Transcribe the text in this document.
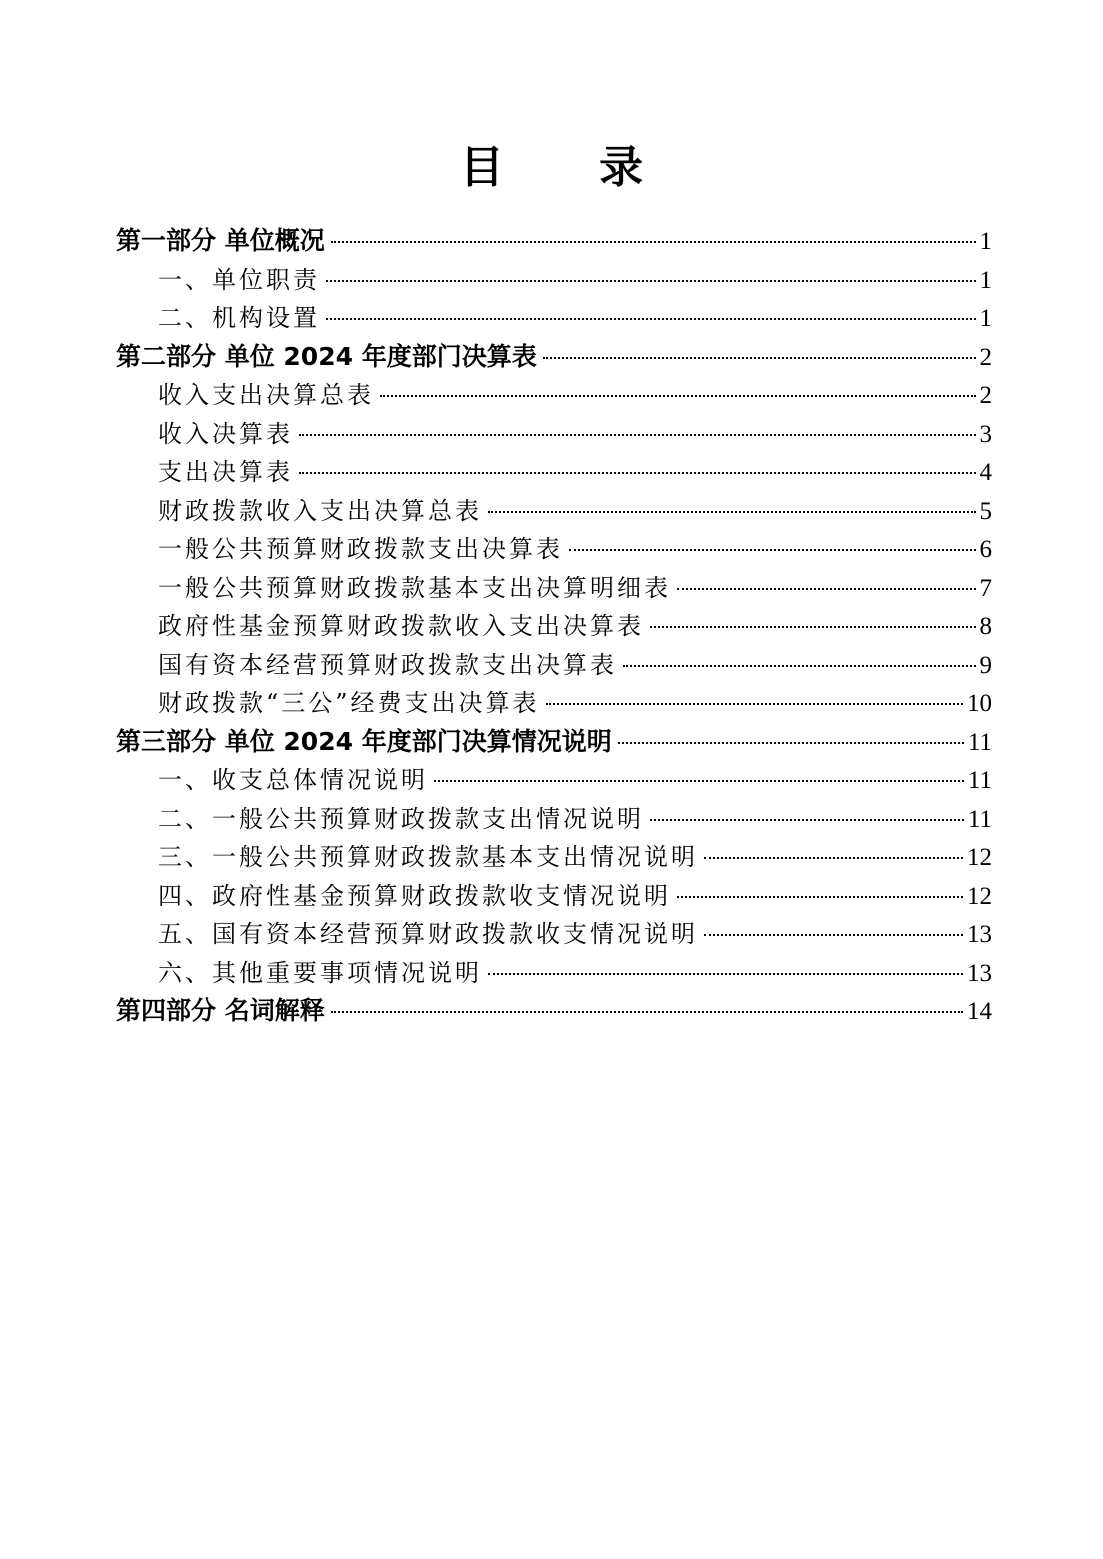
目 录
第一部分 单位概况	1
一、单位职责	1
二、机构设置	1
第二部分 单位 2024 年度部门决算表	2
收入支出决算总表	2
收入决算表	3
支出决算表	4
财政拨款收入支出决算总表	5
一般公共预算财政拨款支出决算表	6
一般公共预算财政拨款基本支出决算明细表	7
政府性基金预算财政拨款收入支出决算表	8
国有资本经营预算财政拨款支出决算表	9
财政拨款“三公”经费支出决算表	10
第三部分 单位 2024 年度部门决算情况说明	11
一、收支总体情况说明	11
二、一般公共预算财政拨款支出情况说明	11
三、一般公共预算财政拨款基本支出情况说明	12
四、政府性基金预算财政拨款收支情况说明	12
五、国有资本经营预算财政拨款收支情况说明	13
六、其他重要事项情况说明	13
第四部分 名词解释	14
